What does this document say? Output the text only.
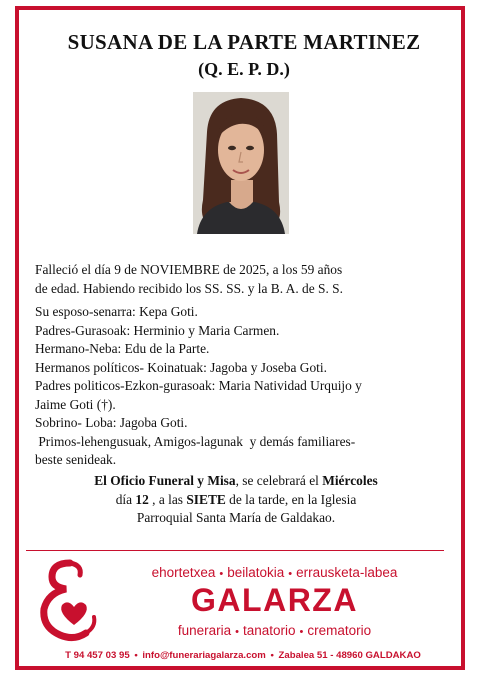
SUSANA DE LA PARTE MARTINEZ
(Q. E. P. D.)

Falleció el día 9 de NOVIEMBRE de 2025, a los 59 años

de edad. Habiendo recibido los SS. SS. y la B. A. de S. S.

Su esposo-senarra: Kepa Goti.

Padres-Gurasoak: Herminio y Maria Carmen.

Hermano-Neba: Edu de la Parte.

Hermanos políticos- Koinatuak: Jagoba y Joseba Goti.

Padres politicos-Ezkon-gurasoak: Maria Natividad Urquijo y

Jaime Goti (†).

Sobrino- Loba: Jagoba Goti.

Primos-lehengusuak, Amigos-lagunak  y demás familiares-

beste senideak.

El Oficio Funeral y Misa, se celebrará el Miércoles

día 12 , a las SIETE de la tarde, en la Iglesia

Parroquial Santa María de Galdakao.

ehortetxea • beilatokia • errausketa-labea
GALARZA
funeraria • tanatorio • crematorio
T 94 457 03 95 • info@funerariagalarza.com • Zabalea 51 - 48960 GALDAKAO
